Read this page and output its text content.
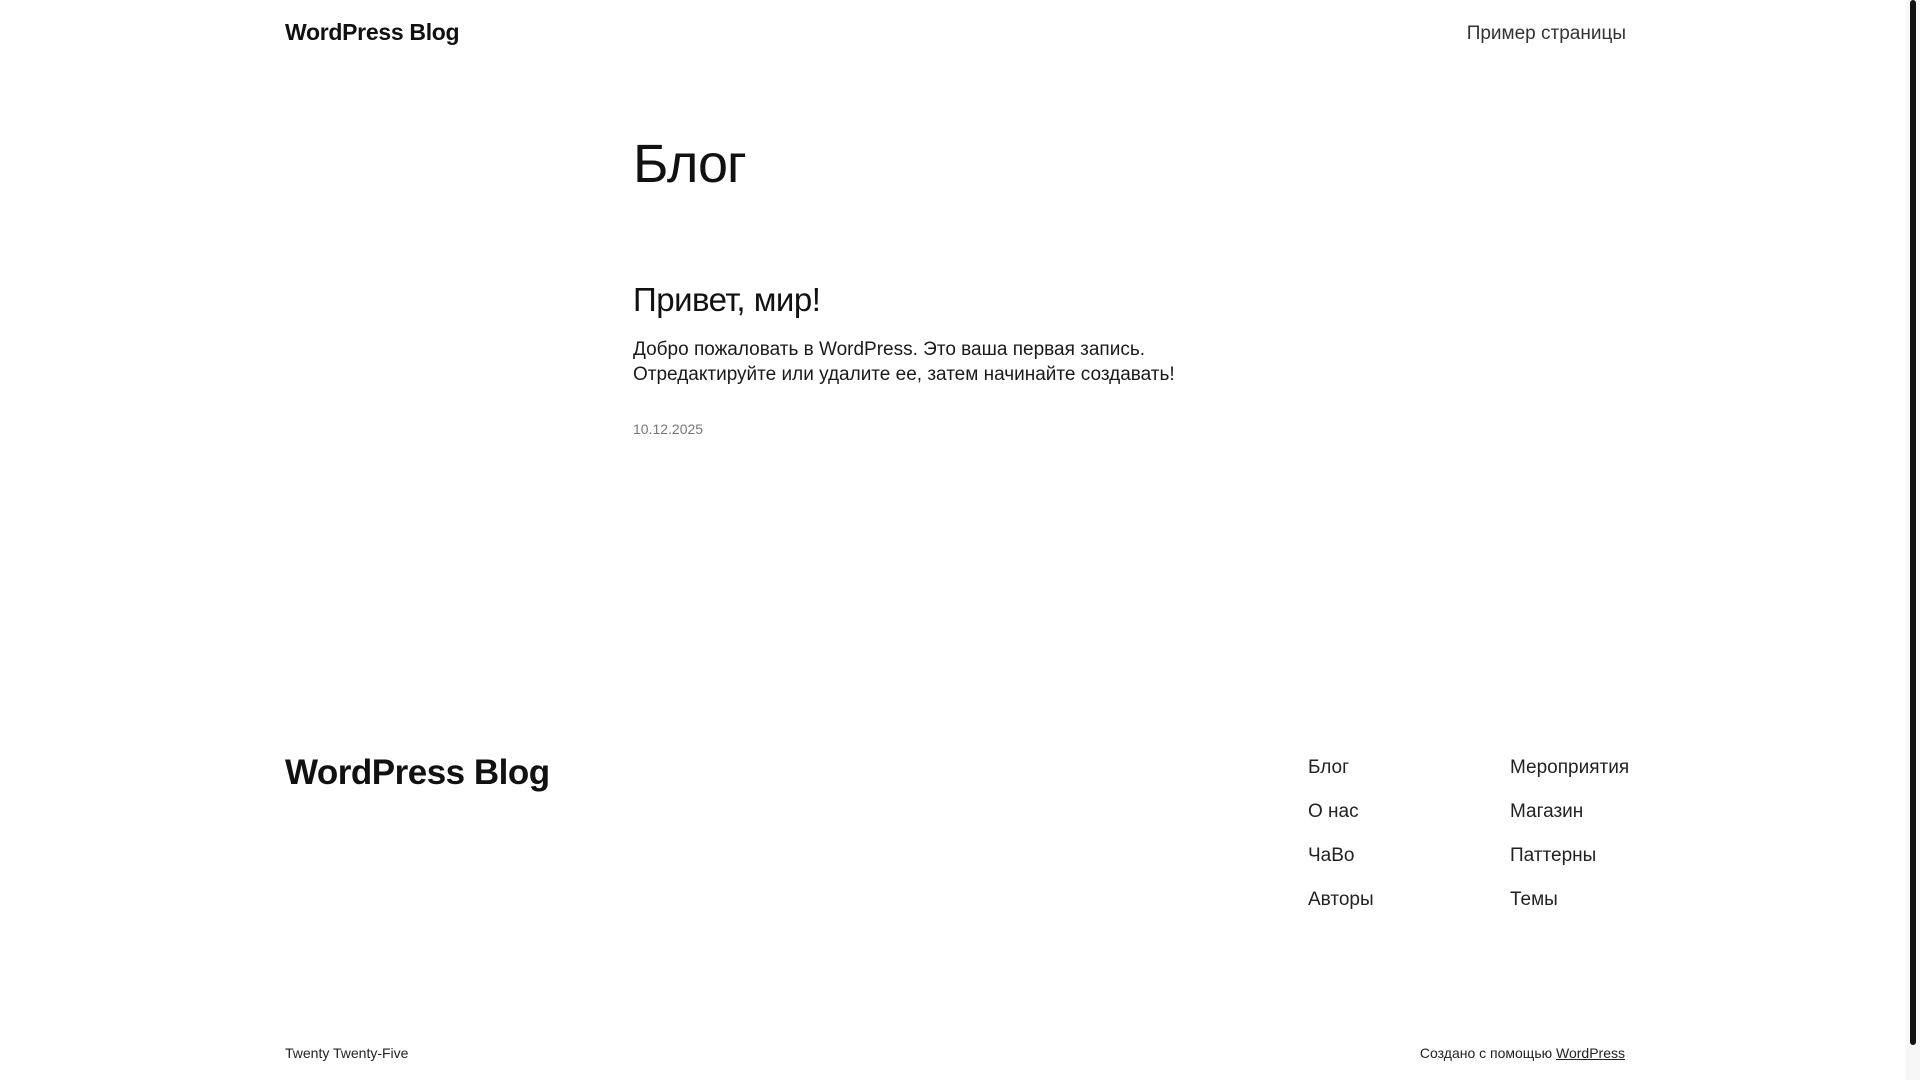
WordPress Blog	Пример страницы
Блог
Привет, мир!

Добро пожаловать в WordPress. Это ваша первая запись. Отредактируйте или удалите ее, затем начинайте создавать!

10.12.2025
WordPress Blog	Блог
О нас
ЧаВо
Авторы
Мероприятия
Магазин
Паттерны
Темы
Twenty Twenty-Five	Создано с помощью WordPress
